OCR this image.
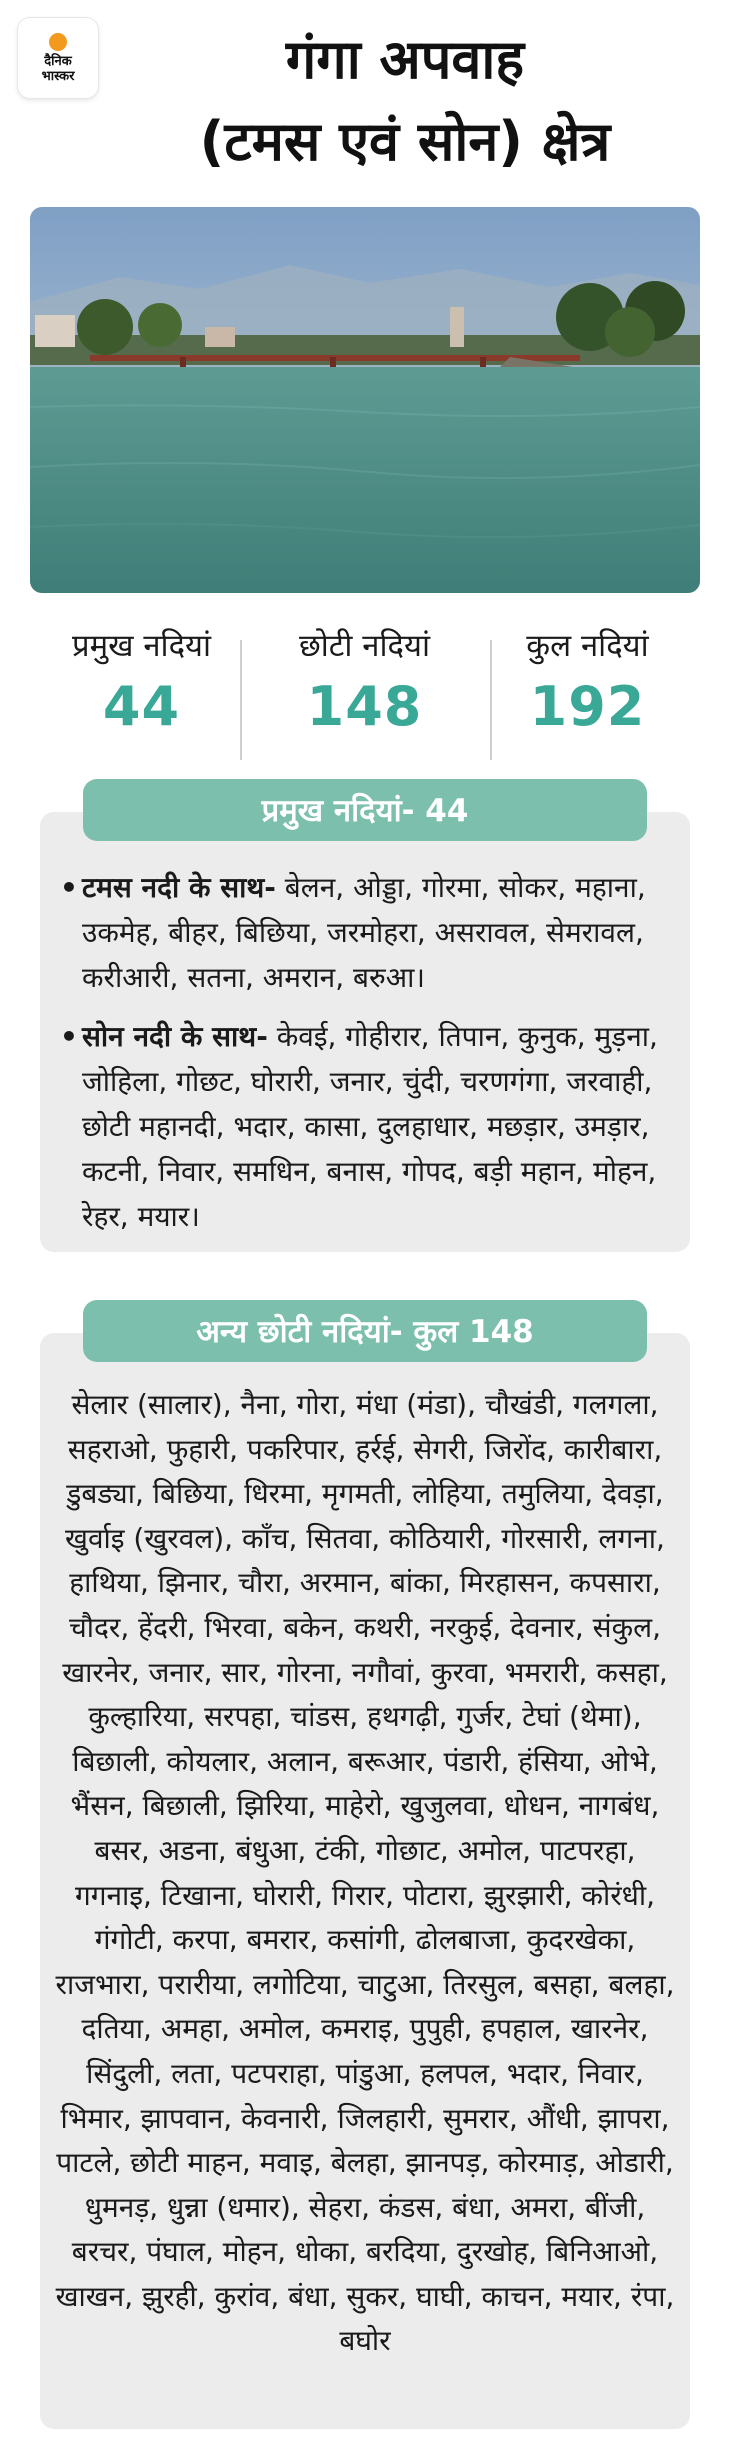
दैनिक
भास्कर	गंगा अपवाह
(टमस एवं सोन) क्षेत्र
प्रमुख नदियां
44
छोटी नदियां
148
कुल नदियां
192
प्रमुख नदियां- 44
• टमस नदी के साथ- बेलन, ओड्डा, गोरमा, सोकर, महाना, उकमेह, बीहर, बिछिया, जरमोहरा, असरावल, सेमरावल, करीआरी, सतना, अमरान, बरुआ।
• सोन नदी के साथ- केवई, गोहीरार, तिपान, कुनुक, मुड़ना, जोहिला, गोछट, घोरारी, जनार, चुंदी, चरणगंगा, जरवाही, छोटी महानदी, भदार, कासा, दुलहाधार, मछड़ार, उमड़ार, कटनी, निवार, समधिन, बनास, गोपद, बड़ी महान, मोहन, रेहर, मयार।
अन्य छोटी नदियां- कुल 148
सेलार (सालार), नैना, गोरा, मंधा (मंडा), चौखंडी, गलगला, सहराओ, फुहारी, पकरिपार, हर्रई, सेगरी, जिरोंद, कारीबारा, डुबड्या, बिछिया, धिरमा, मृगमती, लोहिया, तमुलिया, देवड़ा, खुर्वाइ (खुरवल), काँच, सितवा, कोठियारी, गोरसारी, लगना, हाथिया, झिनार, चौरा, अरमान, बांका, मिरहासन, कपसारा, चौदर, हेंदरी, भिरवा, बकेन, कथरी, नरकुई, देवनार, संकुल, खारनेर, जनार, सार, गोरना, नगौवां, कुरवा, भमरारी, कसहा, कुल्हारिया, सरपहा, चांडस, हथगढ़ी, गुर्जर, टेघां (थेमा), बिछाली, कोयलार, अलान, बरूआर, पंडारी, हंसिया, ओभे, भैंसन, बिछाली, झिरिया, माहेरो, खुजुलवा, धोधन, नागबंध, बसर, अडना, बंधुआ, टंकी, गोछाट, अमोल, पाटपरहा, गगनाइ, टिखाना, घोरारी, गिरार, पोटारा, झुरझारी, कोरंधी, गंगोटी, करपा, बमरार, कसांगी, ढोलबाजा, कुदरखेका, राजभारा, परारीया, लगोटिया, चाटुआ, तिरसुल, बसहा, बलहा, दतिया, अमहा, अमोल, कमराइ, पुपुही, हपहाल, खारनेर, सिंदुली, लता, पटपराहा, पांडुआ, हलपल, भदार, निवार, भिमार, झापवान, केवनारी, जिलहारी, सुमरार, औंधी, झापरा, पाटले, छोटी माहन, मवाइ, बेलहा, झानपड़, कोरमाड़, ओडारी, धुमनड़, धुन्ना (धमार), सेहरा, कंडस, बंधा, अमरा, बींजी, बरचर, पंघाल, मोहन, धोका, बरदिया, दुरखोह, बिनिआओ, खाखन, झुरही, कुरांव, बंधा, सुकर, घाघी, काचन, मयार, रंपा, बघोर
